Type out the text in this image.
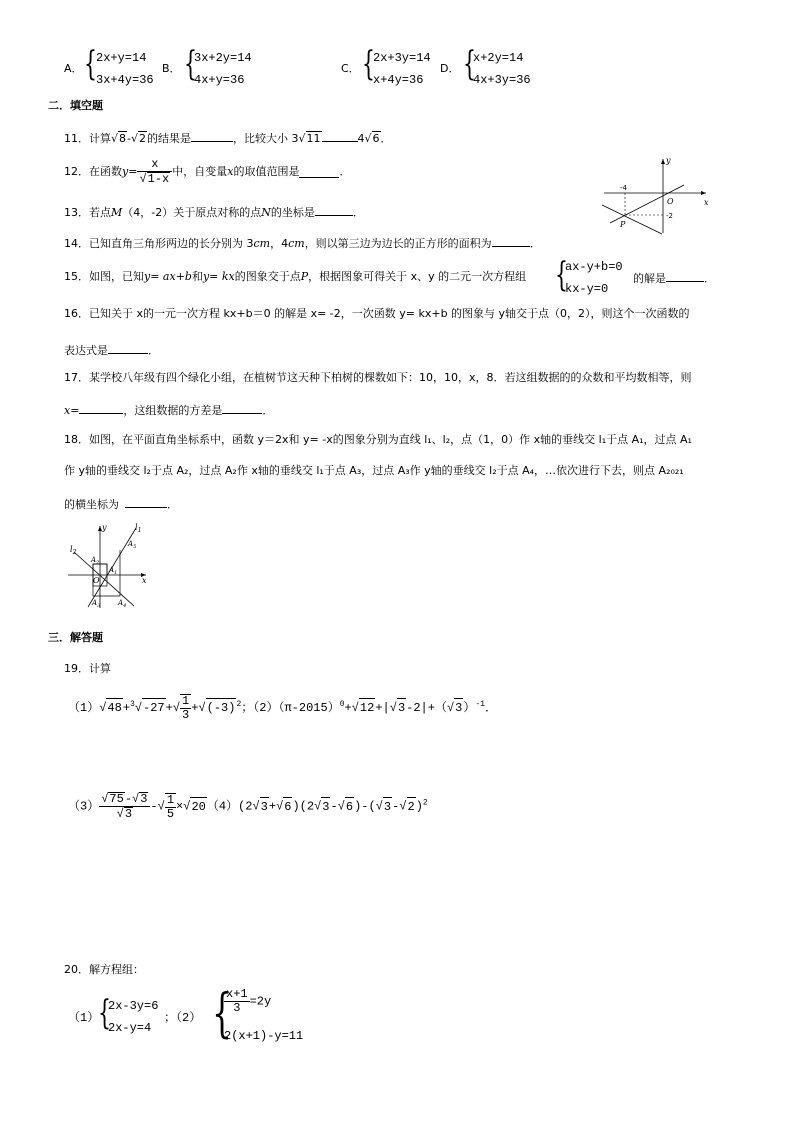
A． { 2x+y=14
3x+4y=36
B． {
3x+2y=14
4x+y=36
C． {
2x+3y=14
x+4y=36
D． {
x+2y=14
4x+3y=36
二．填空题
11．计算√8-√2的结果是	，比较大小 3√11	4√6．
12．在函数$y= \frac{x}{√1-x}$ 中，自变量x的取值范围是	．
13．若点M（4，-2）关于原点对称的点N的坐标是	．
14．已知直角三角形两边的长分别为 3cm，4cm，则以第三边为边长的正方形的面积为	．
15．如图，已知y= ax+b和y= kx的图象交于点P，根据图象可得关于 x、y 的二元一次方程组 {
ax-y+b=0
kx-y=0
的解是	．
y
x
O
-4
-2
P
16．已知关于 x的一元一次方程 kx+b＝0 的解是 x= -2，一次函数 y= kx+b 的图象与 y轴交于点（0，2），则这个一次函数的
表达式是	．
17．某学校八年级有四个绿化小组，在植树节这天种下柏树的棵数如下：10，10，x，8．若这组数据的的众数和平均数相等，则
x=	，这组数据的方差是	．
18．如图，在平面直角坐标系中，函数 y＝2x和 y= -x的图象分别为直线 l₁、l₂，点（1，0）作 x轴的垂线交 l₁于点 A₁，过点 A₁
作 y轴的垂线交 l₂于点 A₂，过点 A₂作 x轴的垂线交 l₁于点 A₃，过点 A₃作 y轴的垂线交 l₂于点 A₄，…依次进行下去，则点 A₂₀₂₁
的横坐标为	．
y
x
O
$l_1$
$l_2$
$A_1$
$A_2$
$A_3$	$A_4$
$A_5$
三．解答题
19．计算
$(1)√48+^3√-27+√ \frac{1}{3} +√(-3)^2$；$(2)(\pi-2015)^0+√12+|√3-2|+(√3)^{-1}$．
$(3) \frac{√75-√3}{√3}$ -√ $\frac{1}{5} \times√20(4)(2√3+√6)(2√3-√6)-(√3-√2)^2$
20．解方程组：
（1）
{
2x-3y=6
2x-y=4
；（2） {
$\frac{x+1}{3} =2y$
2(x+1)-y=11
